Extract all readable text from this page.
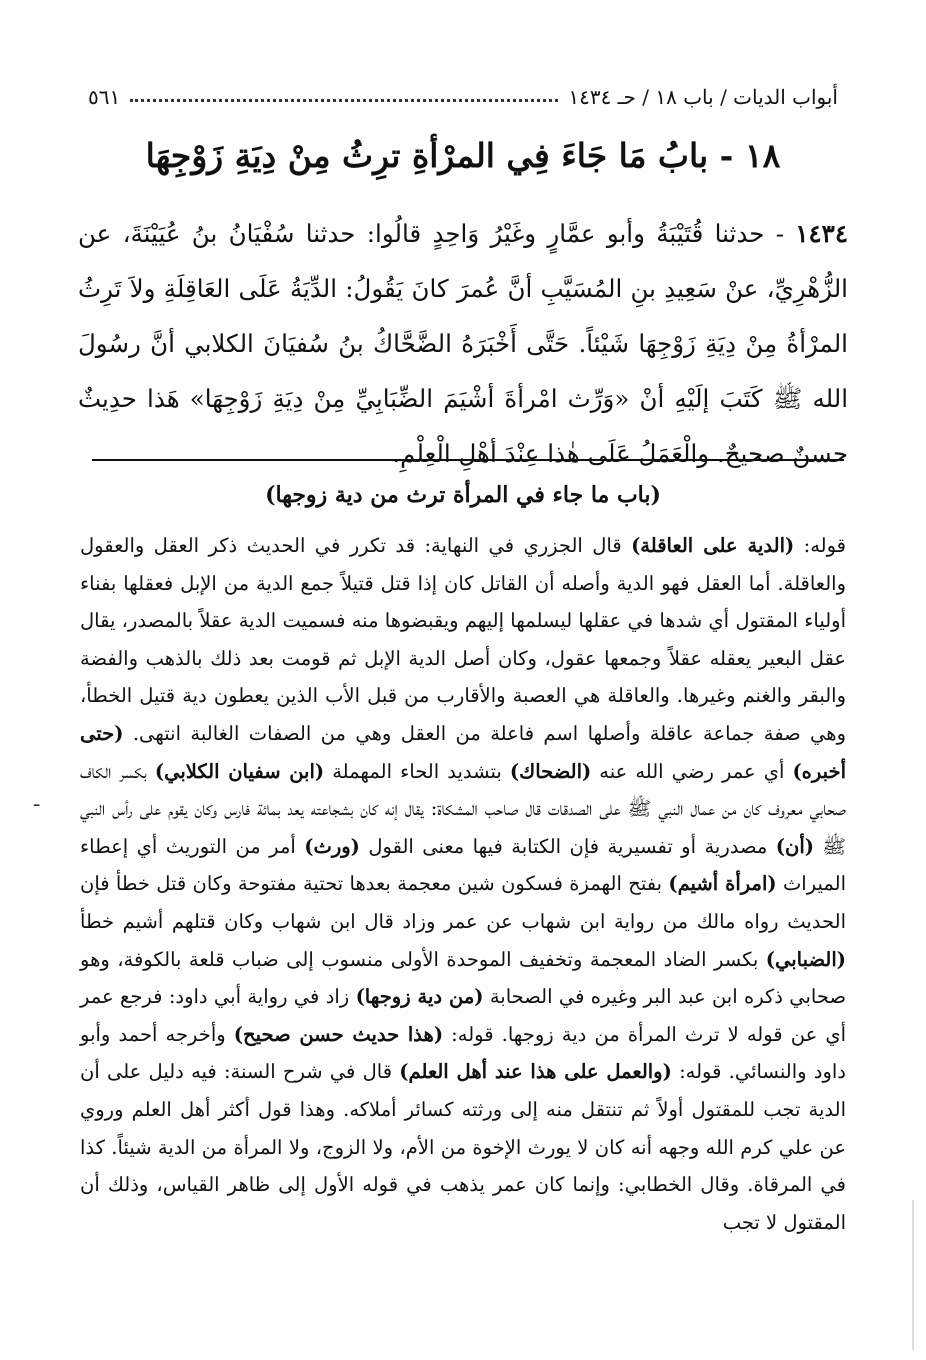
أبواب الديات / باب ١٨ / حـ ١٤٣٤
٥٦١
١٨ - بابُ مَا جَاءَ فِي المرْأةِ ترِثُ مِنْ دِيَةِ زَوْجِهَا
١٤٣٤ - حدثنا قُتَيْبَةُ وأبو عمَّارٍ وغَيْرُ وَاحِدٍ قالُوا: حدثنا سُفْيَانُ بنُ عُيَيْنَةَ، عن الزُّهْرِيِّ، عنْ سَعِيدِ بنِ المُسَيَّبِ أنَّ عُمرَ كانَ يَقُولُ: الدِّيَةُ عَلَى العَاقِلَةِ ولاَ تَرِثُ المرْأةُ مِنْ دِيَةِ زَوْجِهَا شَيْئاً. حَتَّى أَخْبَرَهُ الضَّحَّاكُ بنُ سُفيَانَ الكلابي أنَّ رسُولَ الله ﷺ كَتَبَ إلَيْهِ أنْ «وَرِّث امْرأةَ أشْيَمَ الضِّبَابِيِّ مِنْ دِيَةِ زَوْجِهَا» هَذا حدِيثٌ حسنٌ صحيحٌ. والْعَمَلُ عَلَى هٰذا عِنْدَ أهْلِ الْعِلْمِ.
(باب ما جاء في المرأة ترث من دية زوجها)
قوله: (الدية على العاقلة) قال الجزري في النهاية: قد تكرر في الحديث ذكر العقل والعقول والعاقلة. أما العقل فهو الدية وأصله أن القاتل كان إذا قتل قتيلاً جمع الدية من الإبل فعقلها بفناء أولياء المقتول أي شدها في عقلها ليسلمها إليهم ويقبضوها منه فسميت الدية عقلاً بالمصدر، يقال عقل البعير يعقله عقلاً وجمعها عقول، وكان أصل الدية الإبل ثم قومت بعد ذلك بالذهب والفضة والبقر والغنم وغيرها. والعاقلة هي العصبة والأقارب من قبل الأب الذين يعطون دية قتيل الخطأ، وهي صفة جماعة عاقلة وأصلها اسم فاعلة من العقل وهي من الصفات الغالبة انتهى. (حتى أخبره) أي عمر رضي الله عنه (الضحاك) بتشديد الحاء المهملة (ابن سفيان الكلابي) بكسر الكاف صحابي معروف كان من عمال النبي ﷺ على الصدقات قال صاحب المشكاة: يقال إنه كان بشجاعته يعد بمائة فارس وكان يقوم على رأس النبي ﷺ (أن) مصدرية أو تفسيرية فإن الكتابة فيها معنى القول (ورث) أمر من التوريث أي إعطاء الميراث (امرأة أشيم) بفتح الهمزة فسكون شين معجمة بعدها تحتية مفتوحة وكان قتل خطأ فإن الحديث رواه مالك من رواية ابن شهاب عن عمر وزاد قال ابن شهاب وكان قتلهم أشيم خطأ (الضبابي) بكسر الضاد المعجمة وتخفيف الموحدة الأولى منسوب إلى ضباب قلعة بالكوفة، وهو صحابي ذكره ابن عبد البر وغيره في الصحابة (من دية زوجها) زاد في رواية أبي داود: فرجع عمر أي عن قوله لا ترث المرأة من دية زوجها. قوله: (هذا حديث حسن صحيح) وأخرجه أحمد وأبو داود والنسائي. قوله: (والعمل على هذا عند أهل العلم) قال في شرح السنة: فيه دليل على أن الدية تجب للمقتول أولاً ثم تنتقل منه إلى ورثته كسائر أملاكه. وهذا قول أكثر أهل العلم وروي عن علي كرم الله وجهه أنه كان لا يورث الإخوة من الأم، ولا الزوج، ولا المرأة من الدية شيئاً. كذا في المرقاة. وقال الخطابي: وإنما كان عمر يذهب في قوله الأول إلى ظاهر القياس، وذلك أن المقتول لا تجب
ـ
